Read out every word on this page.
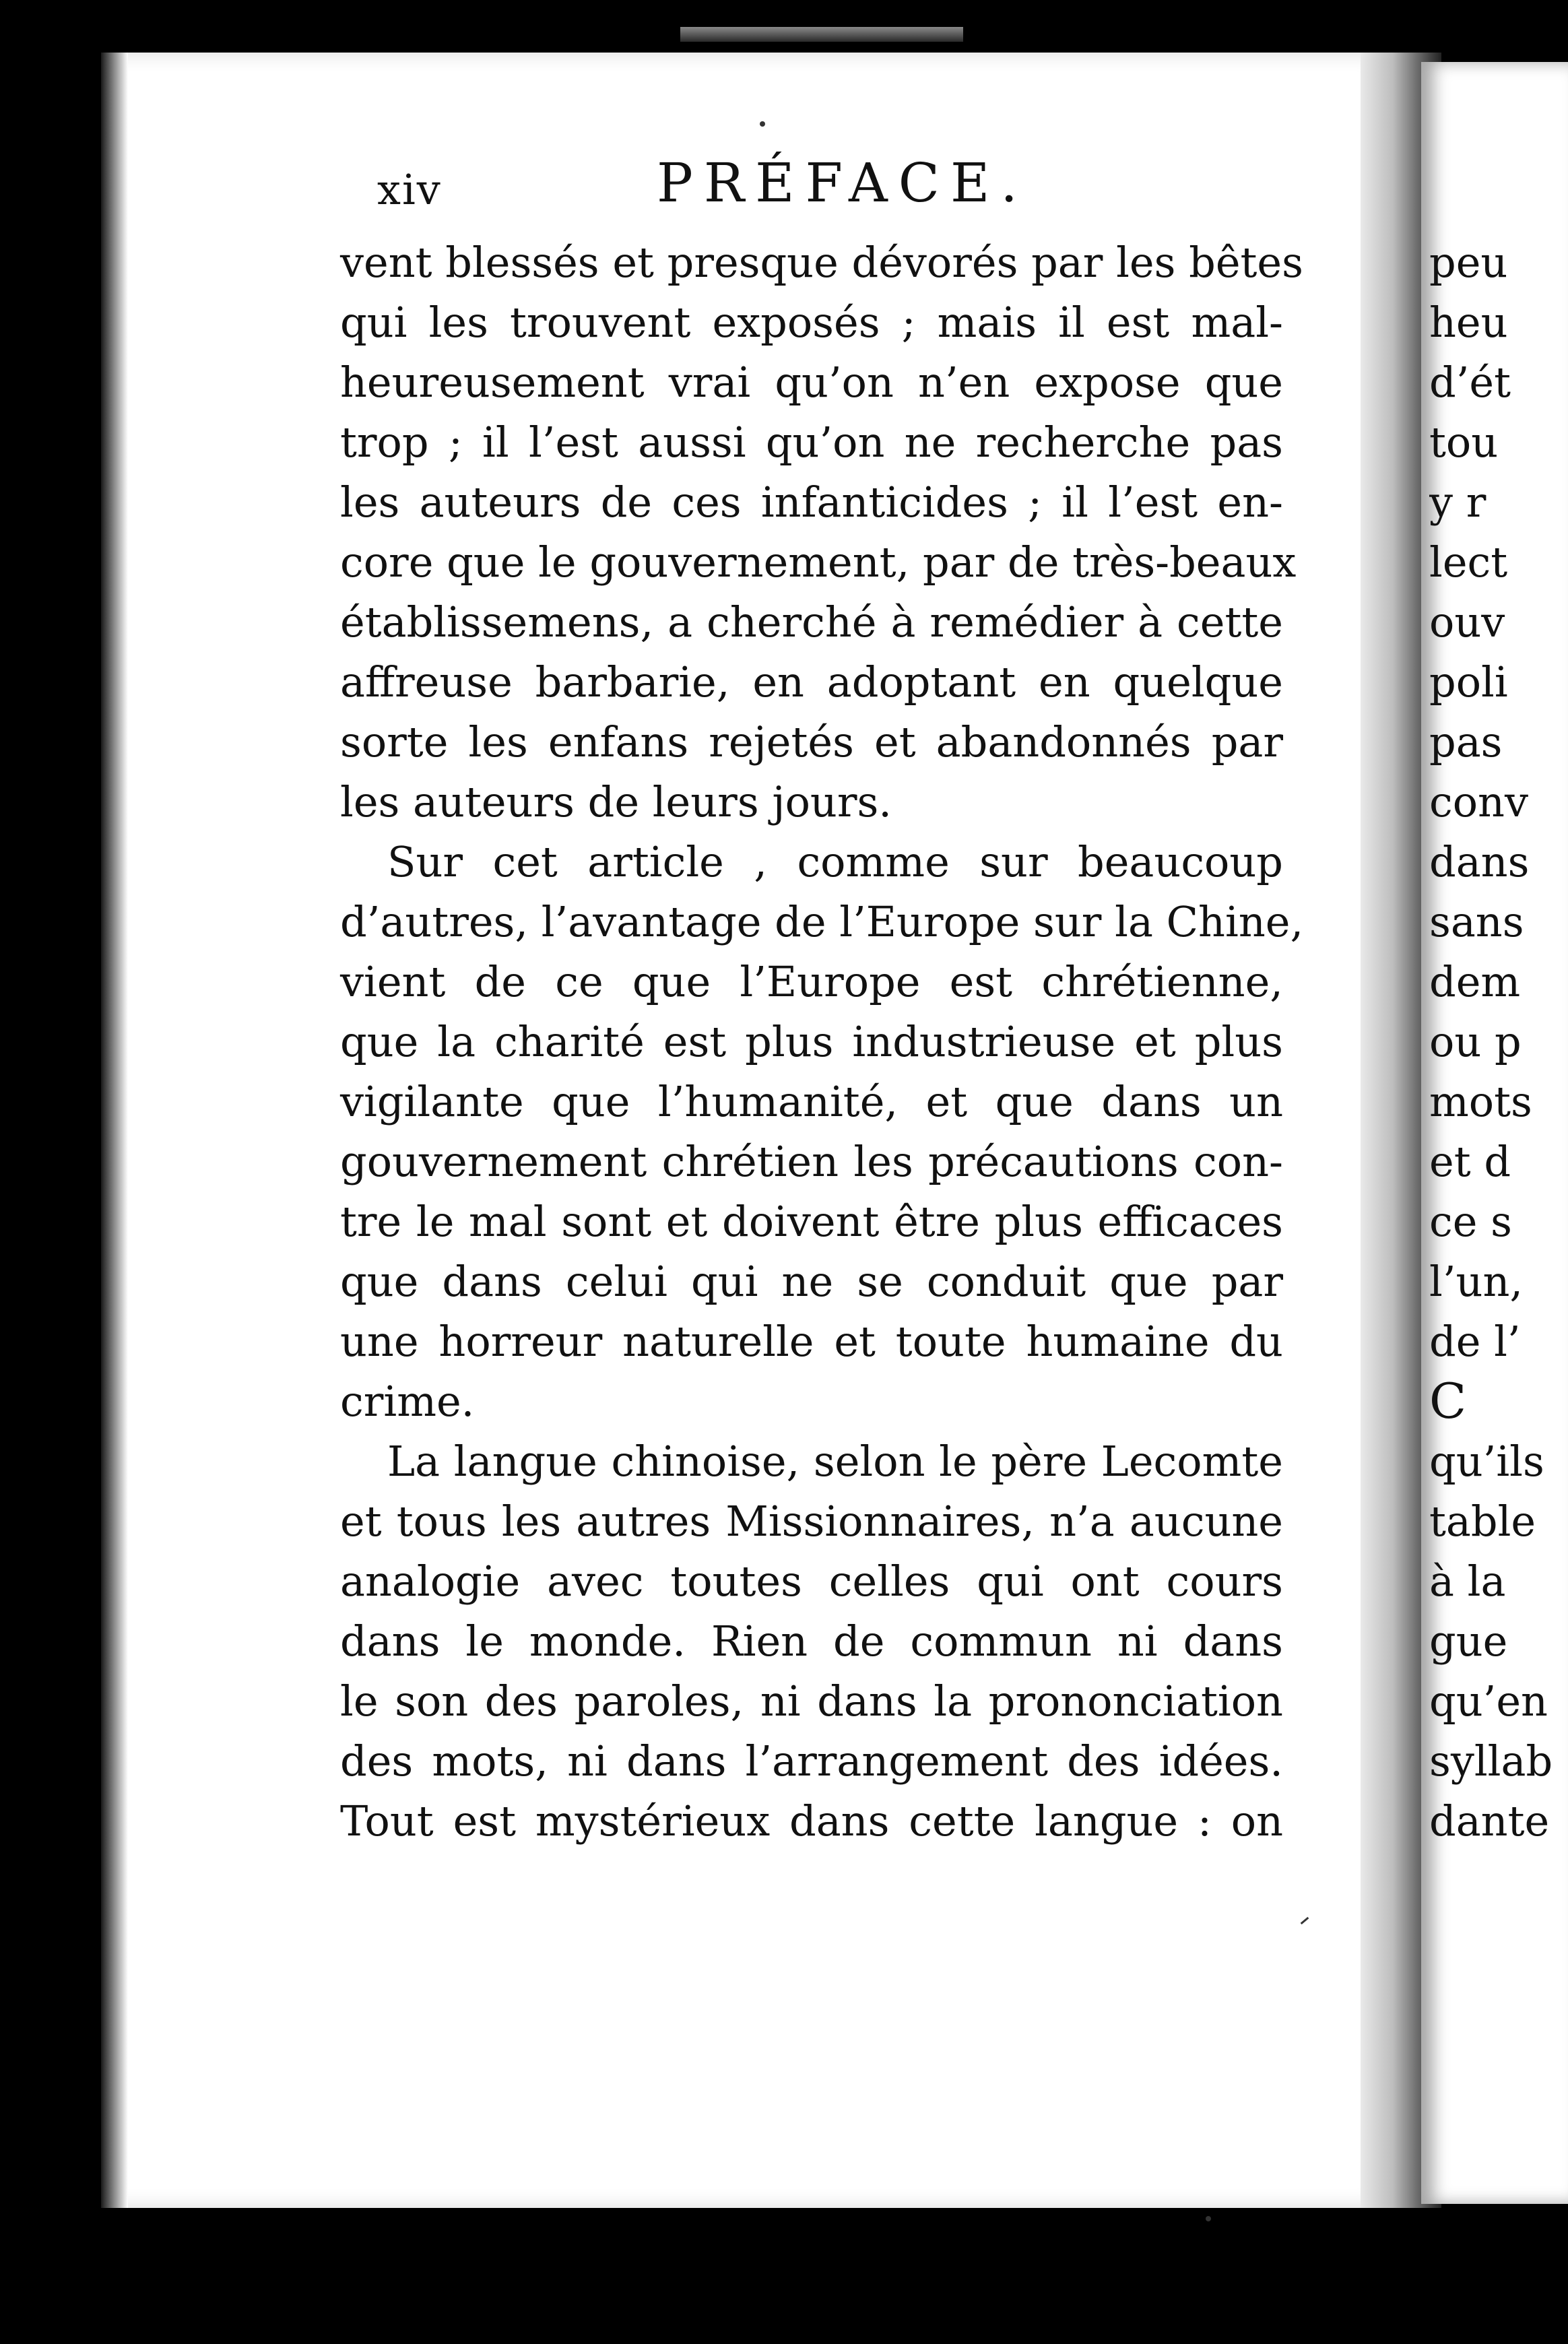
xiv	PRÉFACE.
vent blessés et presque dévorés par les bêtes
qui les trouvent exposés ; mais il est mal-
heureusement vrai qu’on n’en expose que
trop ; il l’est aussi qu’on ne recherche pas
les auteurs de ces infanticides ; il l’est en-
core que le gouvernement, par de très-beaux
établissemens, a cherché à remédier à cette
affreuse barbarie, en adoptant en quelque
sorte les enfans rejetés et abandonnés par
les auteurs de leurs jours.
Sur cet article , comme sur beaucoup
d’autres, l’avantage de l’Europe sur la Chine,
vient de ce que l’Europe est chrétienne,
que la charité est plus industrieuse et plus
vigilante que l’humanité, et que dans un
gouvernement chrétien les précautions con-
tre le mal sont et doivent être plus efficaces
que dans celui qui ne se conduit que par
une horreur naturelle et toute humaine du
crime.
La langue chinoise, selon le père Lecomte
et tous les autres Missionnaires, n’a aucune
analogie avec toutes celles qui ont cours
dans le monde. Rien de commun ni dans
le son des paroles, ni dans la prononciation
des mots, ni dans l’arrangement des idées.
Tout est mystérieux dans cette langue : on
peu
heu
d’ét
tou
y r
lect
ouv
poli
pas
conv
dans
sans
dem
ou p
mots
et d
ce s
l’un,
de l’
C
qu’ils
table
à la
gue
qu’en
syllab
dante
